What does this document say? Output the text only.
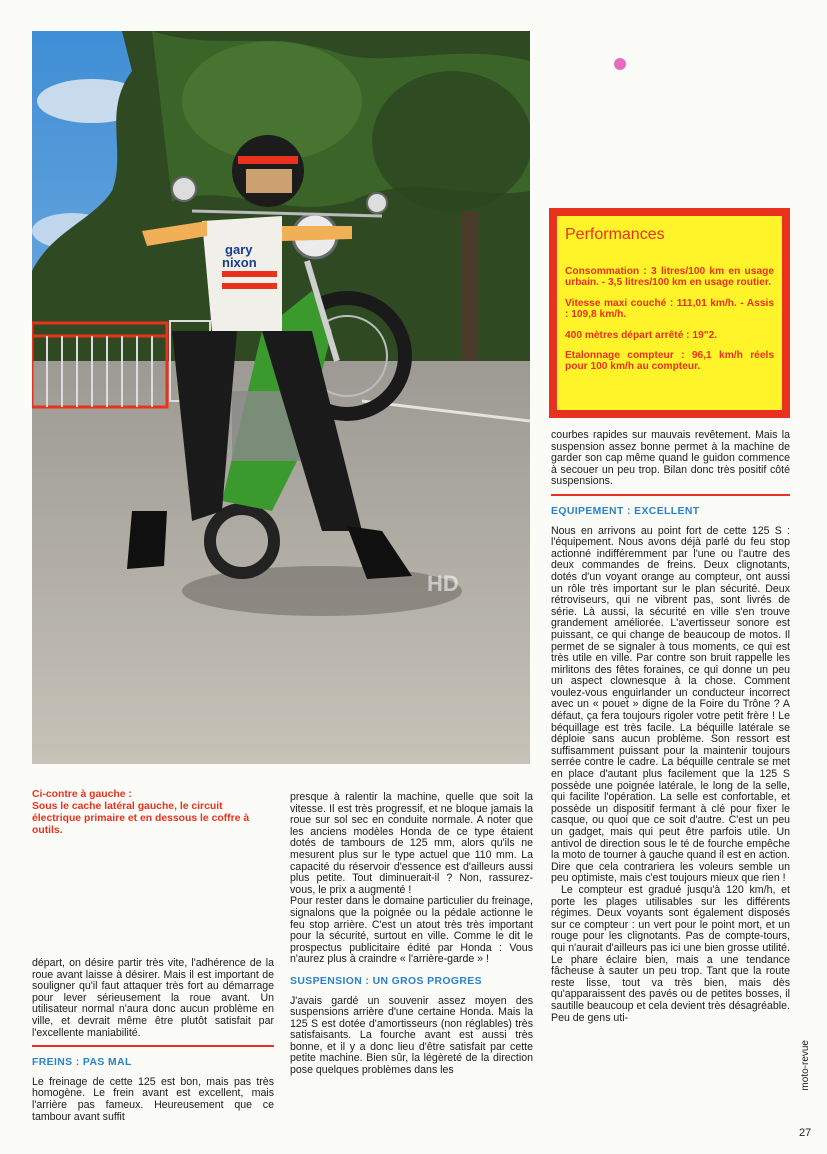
gary
nixon
HD
Ci-contre à gauche :
Sous le cache latéral gauche, le circuit électrique primaire et en dessous le coffre à outils.
Performances
Consommation : 3 litres/100 km en usage urbain. - 3,5 litres/100 km en usage routier.
Vitesse maxi couché : 111,01 km/h. - Assis : 109,8 km/h.
400 mètres départ arrêté : 19"2.
Etalonnage compteur : 96,1 km/h réels pour 100 km/h au compteur.

départ, on désire partir très vite, l'adhérence de la roue avant laisse à désirer. Mais il est important de souligner qu'il faut attaquer très fort au démarrage pour lever sérieusement la roue avant. Un utilisateur normal n'aura donc aucun problème en ville, et devrait même être plutôt satisfait par l'excellente maniabilité.

FREINS : PAS MAL

Le freinage de cette 125 est bon, mais pas très homogène. Le frein avant est excellent, mais l'arrière pas fameux. Heureusement que ce tambour avant suffit

presque à ralentir la machine, quelle que soit la vitesse. Il est très progressif, et ne bloque jamais la roue sur sol sec en conduite normale. A noter que les anciens modèles Honda de ce type étaient dotés de tambours de 125 mm, alors qu'ils ne mesurent plus sur le type actuel que 110 mm. La capacité du réservoir d'essence est d'ailleurs aussi plus petite. Tout diminuerait-il ? Non, rassurez-vous, le prix a augmenté !

Pour rester dans le domaine particulier du freinage, signalons que la poignée ou la pédale actionne le feu stop arrière. C'est un atout très très important pour la sécurité, surtout en ville. Comme le dit le prospectus publicitaire édité par Honda : Vous n'aurez plus à craindre « l'arrière-garde » !

SUSPENSION : UN GROS PROGRES

J'avais gardé un souvenir assez moyen des suspensions arrière d'une certaine Honda. Mais la 125 S est dotée d'amortisseurs (non réglables) très satisfaisants. La fourche avant est aussi très bonne, et il y a donc lieu d'être satisfait par cette petite machine. Bien sûr, la légèreté de la direction pose quelques problèmes dans les

courbes rapides sur mauvais revêtement. Mais la suspension assez bonne permet à la machine de garder son cap même quand le guidon commence à secouer un peu trop. Bilan donc très positif côté suspensions.

EQUIPEMENT : EXCELLENT

Nous en arrivons au point fort de cette 125 S : l'équipement. Nous avons déjà parlé du feu stop actionné indifféremment par l'une ou l'autre des deux commandes de freins. Deux clignotants, dotés d'un voyant orange au compteur, ont aussi un rôle très important sur le plan sécurité. Deux rétroviseurs, qui ne vibrent pas, sont livrés de série. Là aussi, la sécurité en ville s'en trouve grandement améliorée. L'avertisseur sonore est puissant, ce qui change de beaucoup de motos. Il permet de se signaler à tous moments, ce qui est très utile en ville. Par contre son bruit rappelle les mirlitons des fêtes foraines, ce qui donne un peu un aspect clownesque à la chose. Comment voulez-vous enguirlander un conducteur incorrect avec un « pouet » digne de la Foire du Trône ? A défaut, ça fera toujours rigoler votre petit frère ! Le béquillage est très facile. La béquille latérale se déploie sans aucun problème. Son ressort est suffisamment puissant pour la maintenir toujours serrée contre le cadre. La béquille centrale se met en place d'autant plus facilement que la 125 S possède une poignée latérale, le long de la selle, qui facilite l'opération. La selle est confortable, et possède un dispositif fermant à clé pour fixer le casque, ou quoi que ce soit d'autre. C'est un peu un gadget, mais qui peut être parfois utile. Un antivol de direction sous le té de fourche empêche la moto de tourner à gauche quand il est en action. Dire que cela contrariera les voleurs semble un peu optimiste, mais c'est toujours mieux que rien !

Le compteur est gradué jusqu'à 120 km/h, et porte les plages utilisables sur les différents régimes. Deux voyants sont également disposés sur ce compteur : un vert pour le point mort, et un rouge pour les clignotants. Pas de compte-tours, qui n'aurait d'ailleurs pas ici une bien grosse utilité. Le phare éclaire bien, mais a une tendance fâcheuse à sauter un peu trop. Tant que la route reste lisse, tout va très bien, mais dès qu'apparaissent des pavés ou de petites bosses, il sautille beaucoup et cela devient très désagréable. Peu de gens uti-

moto-revue
27
